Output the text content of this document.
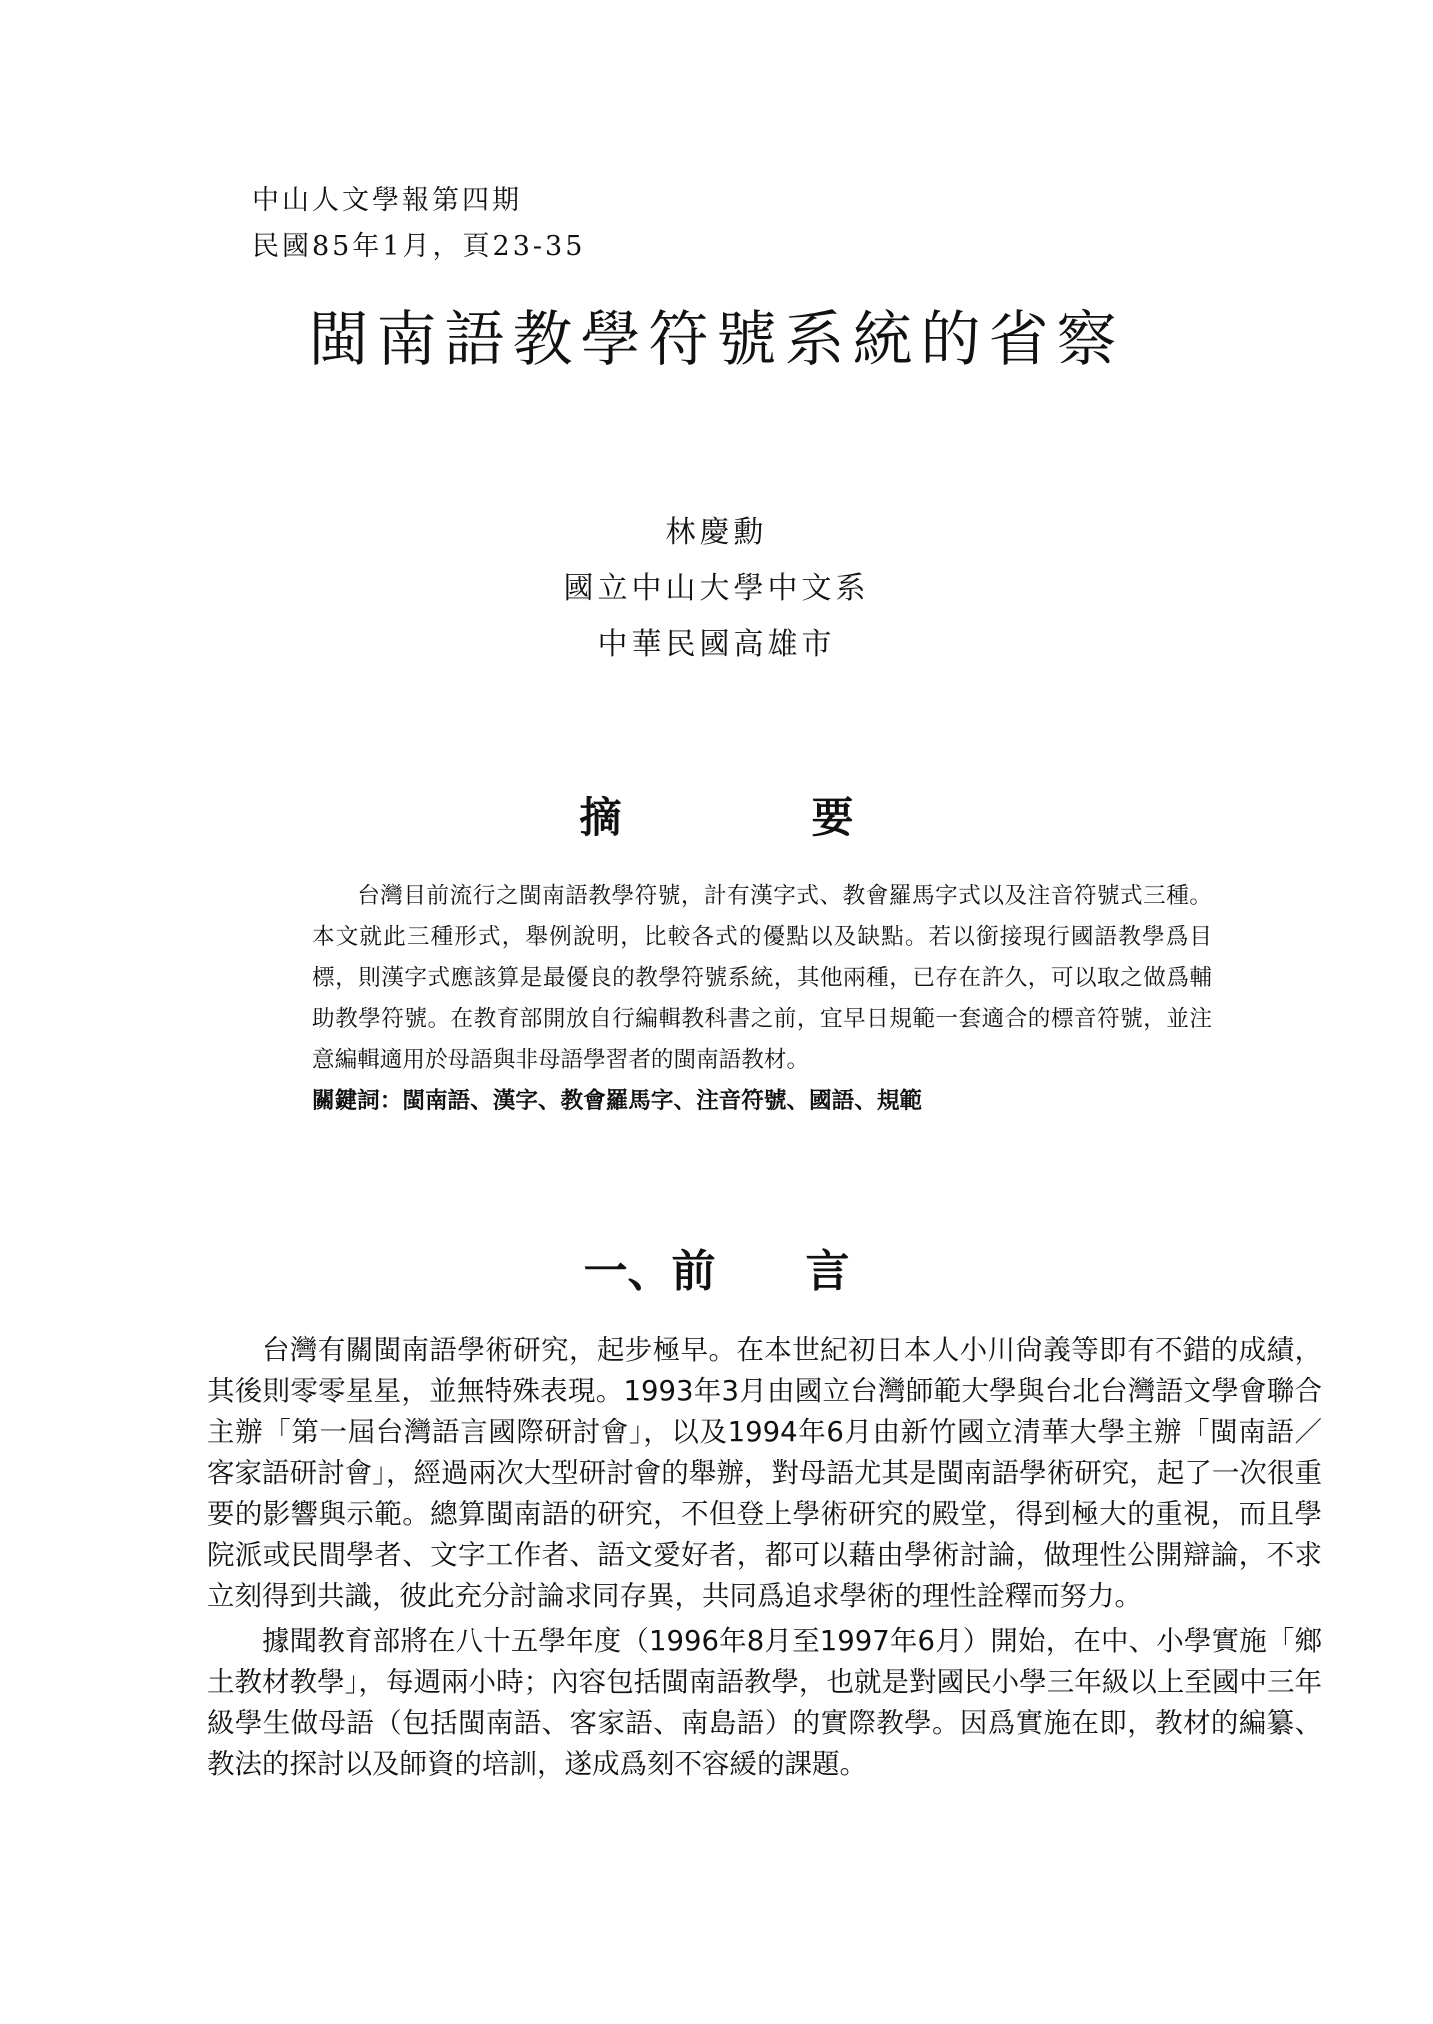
中山人文學報第四期
民國85年1月，頁23-35
閩南語教學符號系統的省察
林慶勳
國立中山大學中文系
中華民國高雄市
摘	要

台灣目前流行之閩南語教學符號，計有漢字式、教會羅馬字式以及注音符號式三種。本文就此三種形式，舉例說明，比較各式的優點以及缺點。若以銜接現行國語教學爲目標，則漢字式應該算是最優良的教學符號系統，其他兩種，已存在許久，可以取之做爲輔助教學符號。在教育部開放自行編輯教科書之前，宜早日規範一套適合的標音符號，並注意編輯適用於母語與非母語學習者的閩南語教材。

關鍵詞：閩南語、漢字、教會羅馬字、注音符號、國語、規範
一、前 言

台灣有關閩南語學術研究，起步極早。在本世紀初日本人小川尙義等即有不錯的成績，其後則零零星星，並無特殊表現。1993年3月由國立台灣師範大學與台北台灣語文學會聯合主辦「第一屆台灣語言國際研討會」，以及1994年6月由新竹國立清華大學主辦「閩南語／客家語研討會」，經過兩次大型研討會的舉辦，對母語尤其是閩南語學術研究，起了一次很重要的影響與示範。總算閩南語的研究，不但登上學術研究的殿堂，得到極大的重視，而且學院派或民間學者、文字工作者、語文愛好者，都可以藉由學術討論，做理性公開辯論，不求立刻得到共識，彼此充分討論求同存異，共同爲追求學術的理性詮釋而努力。

據聞教育部將在八十五學年度（1996年8月至1997年6月）開始，在中、小學實施「鄉土教材教學」，每週兩小時；內容包括閩南語教學，也就是對國民小學三年級以上至國中三年級學生做母語（包括閩南語、客家語、南島語）的實際教學。因爲實施在即，教材的編纂、教法的探討以及師資的培訓，遂成爲刻不容緩的課題。
